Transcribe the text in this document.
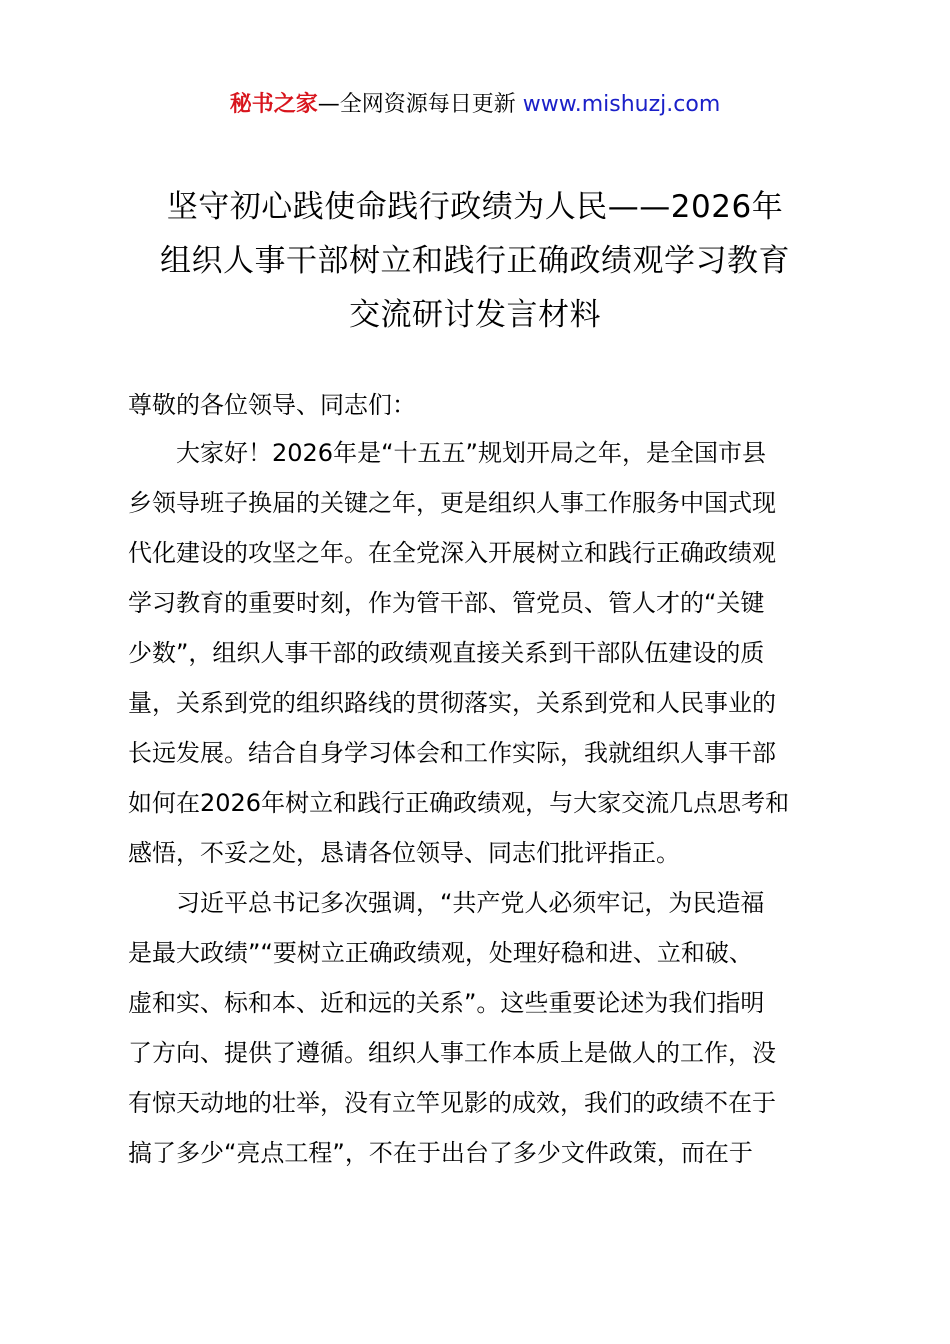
秘书之家—全网资源每日更新 www.mishuzj.com
坚守初心践使命践行政绩为人民——2026年
组织人事干部树立和践行正确政绩观学习教育
交流研讨发言材料
尊敬的各位领导、同志们：
　　大家好！2026年是“十五五”规划开局之年，是全国市县
乡领导班子换届的关键之年，更是组织人事工作服务中国式现
代化建设的攻坚之年。在全党深入开展树立和践行正确政绩观
学习教育的重要时刻，作为管干部、管党员、管人才的“关键
少数”，组织人事干部的政绩观直接关系到干部队伍建设的质
量，关系到党的组织路线的贯彻落实，关系到党和人民事业的
长远发展。结合自身学习体会和工作实际，我就组织人事干部
如何在2026年树立和践行正确政绩观，与大家交流几点思考和
感悟，不妥之处，恳请各位领导、同志们批评指正。
　　习近平总书记多次强调，“共产党人必须牢记，为民造福
是最大政绩”“要树立正确政绩观，处理好稳和进、立和破、
虚和实、标和本、近和远的关系”。这些重要论述为我们指明
了方向、提供了遵循。组织人事工作本质上是做人的工作，没
有惊天动地的壮举，没有立竿见影的成效，我们的政绩不在于
搞了多少“亮点工程”，不在于出台了多少文件政策，而在于
